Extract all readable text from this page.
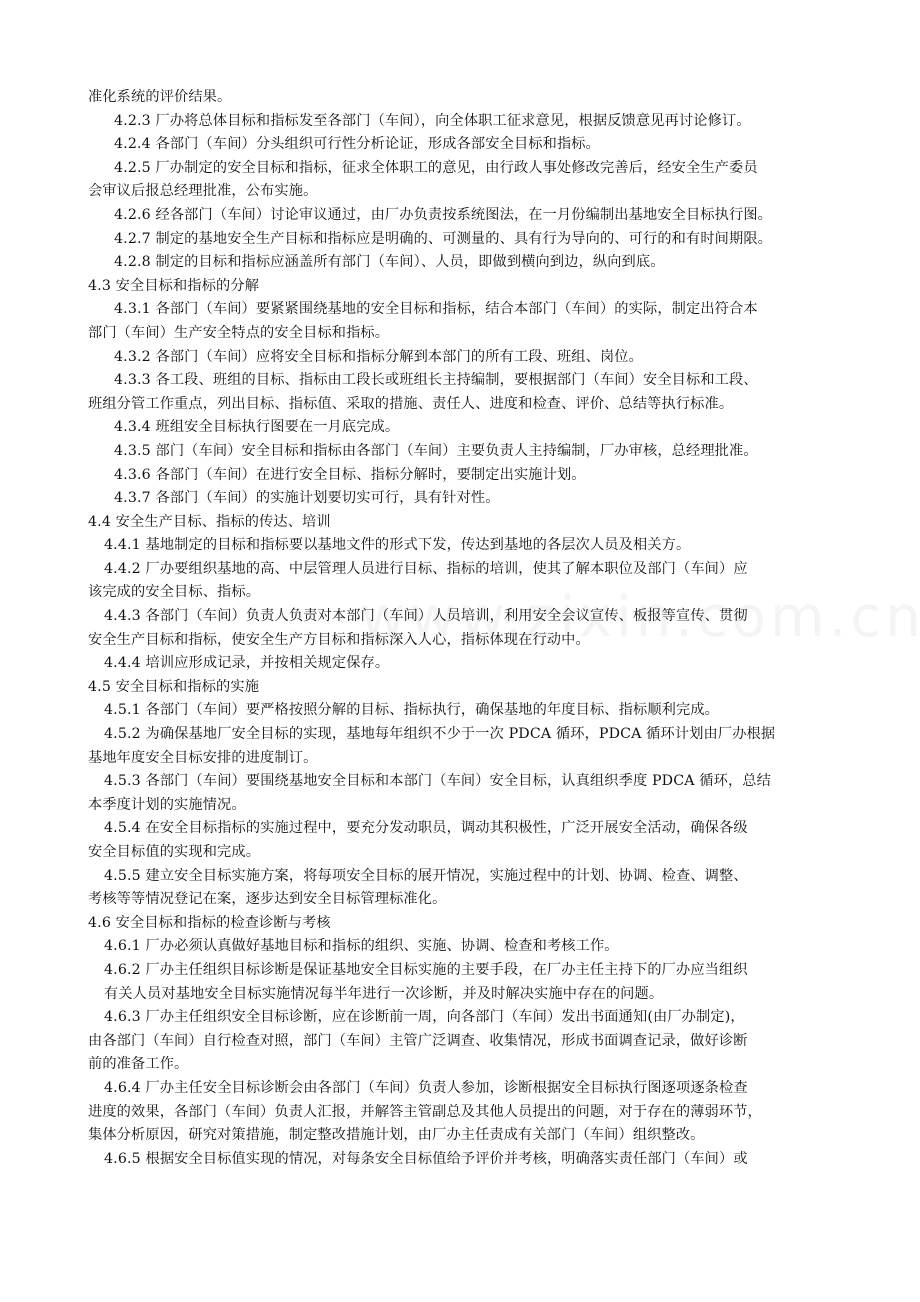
准化系统的评价结果。
4.2.3 厂办将总体目标和指标发至各部门（车间），向全体职工征求意见，根据反馈意见再讨论修订。
4.2.4 各部门（车间）分头组织可行性分析论证，形成各部安全目标和指标。
4.2.5 厂办制定的安全目标和指标，征求全体职工的意见，由行政人事处修改完善后，经安全生产委员
会审议后报总经理批准，公布实施。
4.2.6 经各部门（车间）讨论审议通过，由厂办负责按系统图法，在一月份编制出基地安全目标执行图。
4.2.7 制定的基地安全生产目标和指标应是明确的、可测量的、具有行为导向的、可行的和有时间期限。
4.2.8 制定的目标和指标应涵盖所有部门（车间）、人员，即做到横向到边，纵向到底。
4.3 安全目标和指标的分解
4.3.1 各部门（车间）要紧紧围绕基地的安全目标和指标，结合本部门（车间）的实际，制定出符合本
部门（车间）生产安全特点的安全目标和指标。
4.3.2 各部门（车间）应将安全目标和指标分解到本部门的所有工段、班组、岗位。
4.3.3 各工段、班组的目标、指标由工段长或班组长主持编制，要根据部门（车间）安全目标和工段、
班组分管工作重点，列出目标、指标值、采取的措施、责任人、进度和检查、评价、总结等执行标准。
4.3.4 班组安全目标执行图要在一月底完成。
4.3.5 部门（车间）安全目标和指标由各部门（车间）主要负责人主持编制，厂办审核，总经理批准。
4.3.6 各部门（车间）在进行安全目标、指标分解时，要制定出实施计划。
4.3.7 各部门（车间）的实施计划要切实可行，具有针对性。
4.4 安全生产目标、指标的传达、培训
4.4.1 基地制定的目标和指标要以基地文件的形式下发，传达到基地的各层次人员及相关方。
4.4.2 厂办要组织基地的高、中层管理人员进行目标、指标的培训，使其了解本职位及部门（车间）应
该完成的安全目标、指标。
4.4.3 各部门（车间）负责人负责对本部门（车间）人员培训，利用安全会议宣传、板报等宣传、贯彻
安全生产目标和指标，使安全生产方目标和指标深入人心，指标体现在行动中。
4.4.4 培训应形成记录，并按相关规定保存。
4.5 安全目标和指标的实施
4.5.1 各部门（车间）要严格按照分解的目标、指标执行，确保基地的年度目标、指标顺利完成。
4.5.2 为确保基地厂安全目标的实现，基地每年组织不少于一次 PDCA 循环，PDCA 循环计划由厂办根据
基地年度安全目标安排的进度制订。
4.5.3 各部门（车间）要围绕基地安全目标和本部门（车间）安全目标，认真组织季度 PDCA 循环，总结
本季度计划的实施情况。
4.5.4 在安全目标指标的实施过程中，要充分发动职员，调动其积极性，广泛开展安全活动，确保各级
安全目标值的实现和完成。
4.5.5 建立安全目标实施方案，将每项安全目标的展开情况，实施过程中的计划、协调、检查、调整、
考核等等情况登记在案，逐步达到安全目标管理标准化。
4.6 安全目标和指标的检查诊断与考核
4.6.1 厂办必须认真做好基地目标和指标的组织、实施、协调、检查和考核工作。
4.6.2 厂办主任组织目标诊断是保证基地安全目标实施的主要手段，在厂办主任主持下的厂办应当组织
有关人员对基地安全目标实施情况每半年进行一次诊断，并及时解决实施中存在的问题。
4.6.3 厂办主任组织安全目标诊断，应在诊断前一周，向各部门（车间）发出书面通知(由厂办制定)，
由各部门（车间）自行检查对照，部门（车间）主管广泛调查、收集情况，形成书面调查记录，做好诊断
前的准备工作。
4.6.4 厂办主任安全目标诊断会由各部门（车间）负责人参加，诊断根据安全目标执行图逐项逐条检查
进度的效果，各部门（车间）负责人汇报，并解答主管副总及其他人员提出的问题，对于存在的薄弱环节，
集体分析原因，研究对策措施，制定整改措施计划，由厂办主任责成有关部门（车间）组织整改。
4.6.5 根据安全目标值实现的情况，对每条安全目标值给予评价并考核，明确落实责任部门（车间）或
